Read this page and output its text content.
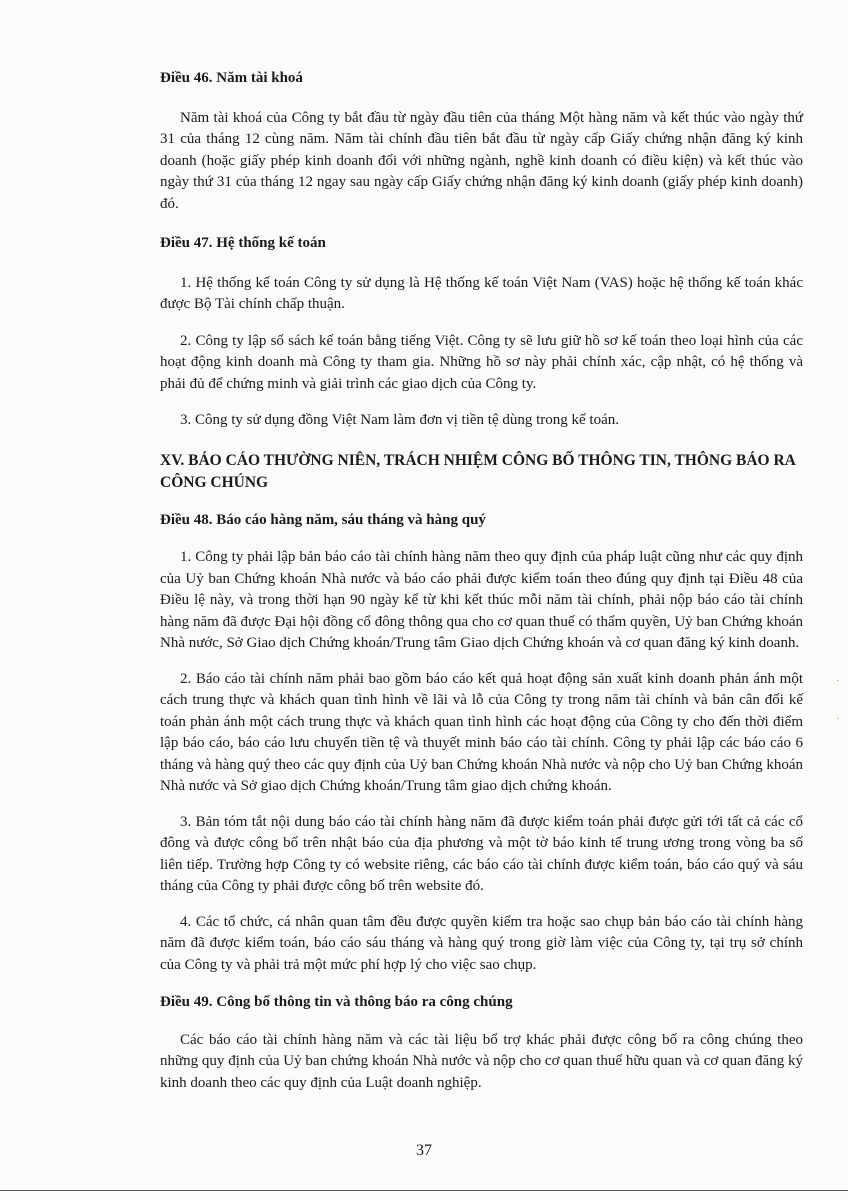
Điều 46. Năm tài khoá

Năm tài khoá của Công ty bắt đầu từ ngày đầu tiên của tháng Một hàng năm và kết thúc vào ngày thứ 31 của tháng 12 cùng năm. Năm tài chính đầu tiên bắt đầu từ ngày cấp Giấy chứng nhận đăng ký kinh doanh (hoặc giấy phép kinh doanh đối với những ngành, nghề kinh doanh có điều kiện) và kết thúc vào ngày thứ 31 của tháng 12 ngay sau ngày cấp Giấy chứng nhận đăng ký kinh doanh (giấy phép kinh doanh) đó.

Điều 47. Hệ thống kế toán

1. Hệ thống kế toán Công ty sử dụng là Hệ thống kế toán Việt Nam (VAS) hoặc hệ thống kế toán khác được Bộ Tài chính chấp thuận.

2. Công ty lập sổ sách kế toán bằng tiếng Việt. Công ty sẽ lưu giữ hồ sơ kế toán theo loại hình của các hoạt động kinh doanh mà Công ty tham gia. Những hồ sơ này phải chính xác, cập nhật, có hệ thống và phải đủ để chứng minh và giải trình các giao dịch của Công ty.

3. Công ty sử dụng đồng Việt Nam làm đơn vị tiền tệ dùng trong kế toán.

XV. BÁO CÁO THƯỜNG NIÊN, TRÁCH NHIỆM CÔNG BỐ THÔNG TIN, THÔNG BÁO RA CÔNG CHÚNG

Điều 48. Báo cáo hàng năm, sáu tháng và hàng quý

1. Công ty phải lập bản báo cáo tài chính hàng năm theo quy định của pháp luật cũng như các quy định của Uỷ ban Chứng khoán Nhà nước và báo cáo phải được kiểm toán theo đúng quy định tại Điều 48 của Điều lệ này, và trong thời hạn 90 ngày kể từ khi kết thúc mỗi năm tài chính, phải nộp báo cáo tài chính hàng năm đã được Đại hội đồng cổ đông thông qua cho cơ quan thuế có thẩm quyền, Uỷ ban Chứng khoán Nhà nước, Sở Giao dịch Chứng khoán/Trung tâm Giao dịch Chứng khoán và cơ quan đăng ký kinh doanh.

2. Báo cáo tài chính năm phải bao gồm báo cáo kết quả hoạt động sản xuất kinh doanh phản ánh một cách trung thực và khách quan tình hình về lãi và lỗ của Công ty trong năm tài chính và bản cân đối kế toán phản ánh một cách trung thực và khách quan tình hình các hoạt động của Công ty cho đến thời điểm lập báo cáo, báo cáo lưu chuyển tiền tệ và thuyết minh báo cáo tài chính. Công ty phải lập các báo cáo 6 tháng và hàng quý theo các quy định của Uỷ ban Chứng khoán Nhà nước và nộp cho Uỷ ban Chứng khoán Nhà nước và Sở giao dịch Chứng khoán/Trung tâm giao dịch chứng khoán.

3. Bản tóm tắt nội dung báo cáo tài chính hàng năm đã được kiểm toán phải được gửi tới tất cả các cổ đông và được công bố trên nhật báo của địa phương và một tờ báo kinh tế trung ương trong vòng ba số liên tiếp. Trường hợp Công ty có website riêng, các báo cáo tài chính được kiểm toán, báo cáo quý và sáu tháng của Công ty phải được công bố trên website đó.

4. Các tổ chức, cá nhân quan tâm đều được quyền kiểm tra hoặc sao chụp bản báo cáo tài chính hàng năm đã được kiểm toán, báo cáo sáu tháng và hàng quý trong giờ làm việc của Công ty, tại trụ sở chính của Công ty và phải trả một mức phí hợp lý cho việc sao chụp.

Điều 49. Công bố thông tin và thông báo ra công chúng

Các báo cáo tài chính hàng năm và các tài liệu bổ trợ khác phải được công bố ra công chúng theo những quy định của Uỷ ban chứng khoán Nhà nước và nộp cho cơ quan thuế hữu quan và cơ quan đăng ký kinh doanh theo các quy định của Luật doanh nghiệp.

37
·
·
